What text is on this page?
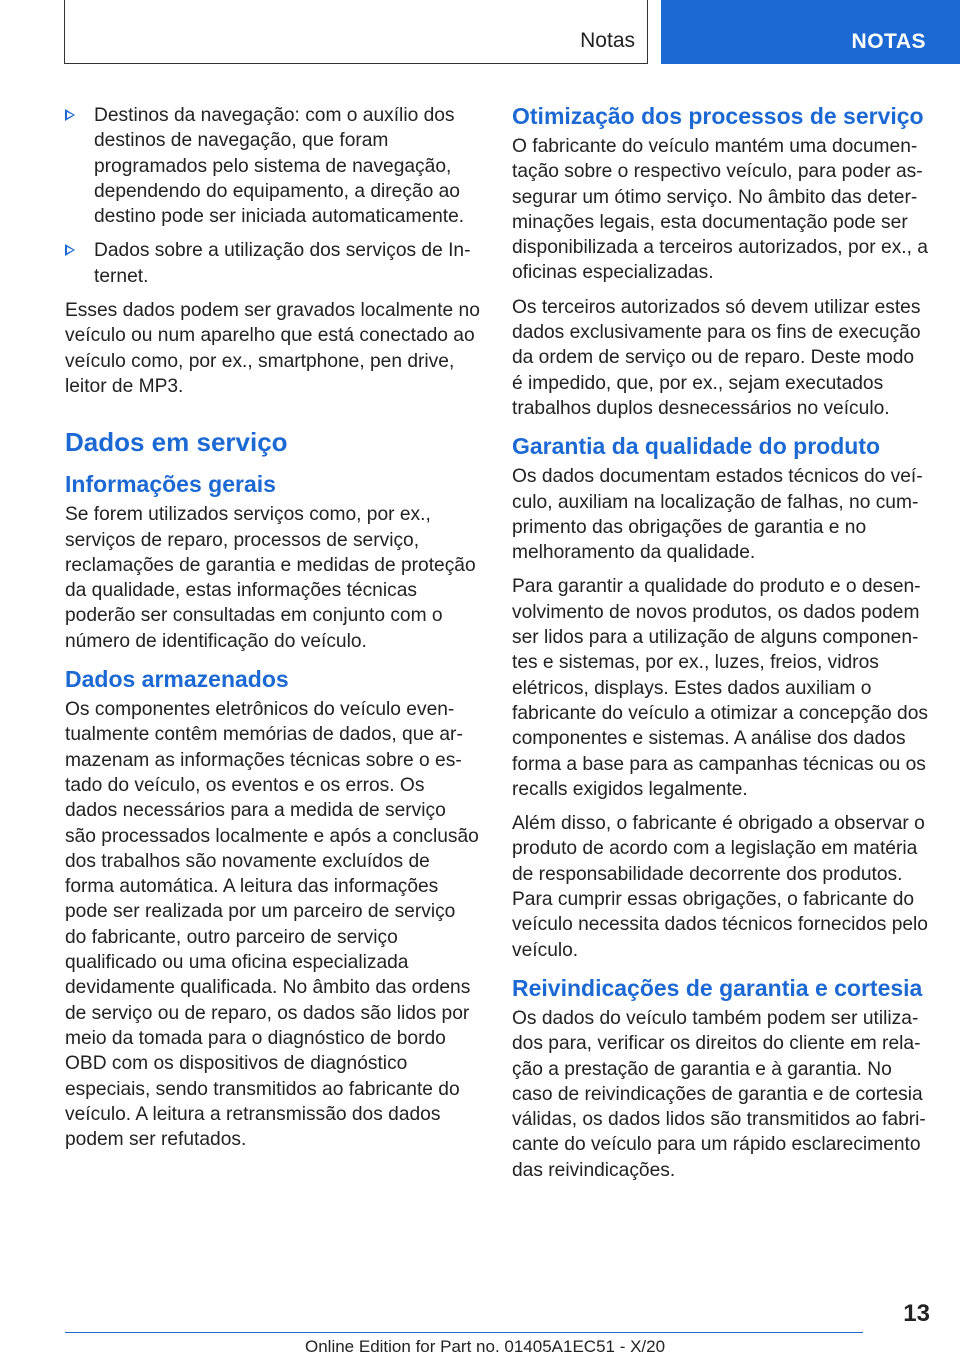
Notas	NOTAS

Destinos da navegação: com o auxílio dos destinos de navegação, que foram programados pelo sistema de navegação, dependendo do equipamento, a direção ao destino pode ser iniciada automaticamente.

Dados sobre a utilização dos serviços de Internet.

Esses dados podem ser gravados localmente no veículo ou num aparelho que está conectado ao veículo como, por ex., smartphone, pen drive, leitor de MP3.

Dados em serviço
Informações gerais

Se forem utilizados serviços como, por ex., serviços de reparo, processos de serviço, reclamações de garantia e medidas de proteção da qualidade, estas informações técnicas poderão ser consultadas em conjunto com o número de identificação do veículo.

Dados armazenados

Os componentes eletrônicos do veículo eventualmente contêm memórias de dados, que armazenam as informações técnicas sobre o estado do veículo, os eventos e os erros. Os dados necessários para a medida de serviço são processados localmente e após a conclusão dos trabalhos são novamente excluídos de forma automática. A leitura das informações pode ser realizada por um parceiro de serviço do fabricante, outro parceiro de serviço qualificado ou uma oficina especializada devidamente qualificada. No âmbito das ordens de serviço ou de reparo, os dados são lidos por meio da tomada para o diagnóstico de bordo OBD com os dispositivos de diagnóstico especiais, sendo transmitidos ao fabricante do veículo. A leitura a retransmissão dos dados podem ser refutados.

Otimização dos processos de serviço

O fabricante do veículo mantém uma documentação sobre o respectivo veículo, para poder assegurar um ótimo serviço. No âmbito das determinações legais, esta documentação pode ser disponibilizada a terceiros autorizados, por ex., a oficinas especializadas.

Os terceiros autorizados só devem utilizar estes dados exclusivamente para os fins de execução da ordem de serviço ou de reparo. Deste modo é impedido, que, por ex., sejam executados trabalhos duplos desnecessários no veículo.

Garantia da qualidade do produto

Os dados documentam estados técnicos do veículo, auxiliam na localização de falhas, no cumprimento das obrigações de garantia e no melhoramento da qualidade.

Para garantir a qualidade do produto e o desenvolvimento de novos produtos, os dados podem ser lidos para a utilização de alguns componentes e sistemas, por ex., luzes, freios, vidros elétricos, displays. Estes dados auxiliam o fabricante do veículo a otimizar a concepção dos componentes e sistemas. A análise dos dados forma a base para as campanhas técnicas ou os recalls exigidos legalmente.

Além disso, o fabricante é obrigado a observar o produto de acordo com a legislação em matéria de responsabilidade decorrente dos produtos. Para cumprir essas obrigações, o fabricante do veículo necessita dados técnicos fornecidos pelo veículo.

Reivindicações de garantia e cortesia

Os dados do veículo também podem ser utilizados para, verificar os direitos do cliente em relação a prestação de garantia e à garantia. No caso de reivindicações de garantia e de cortesia válidas, os dados lidos são transmitidos ao fabricante do veículo para um rápido esclarecimento das reivindicações.

13
Online Edition for Part no. 01405A1EC51 - X/20
